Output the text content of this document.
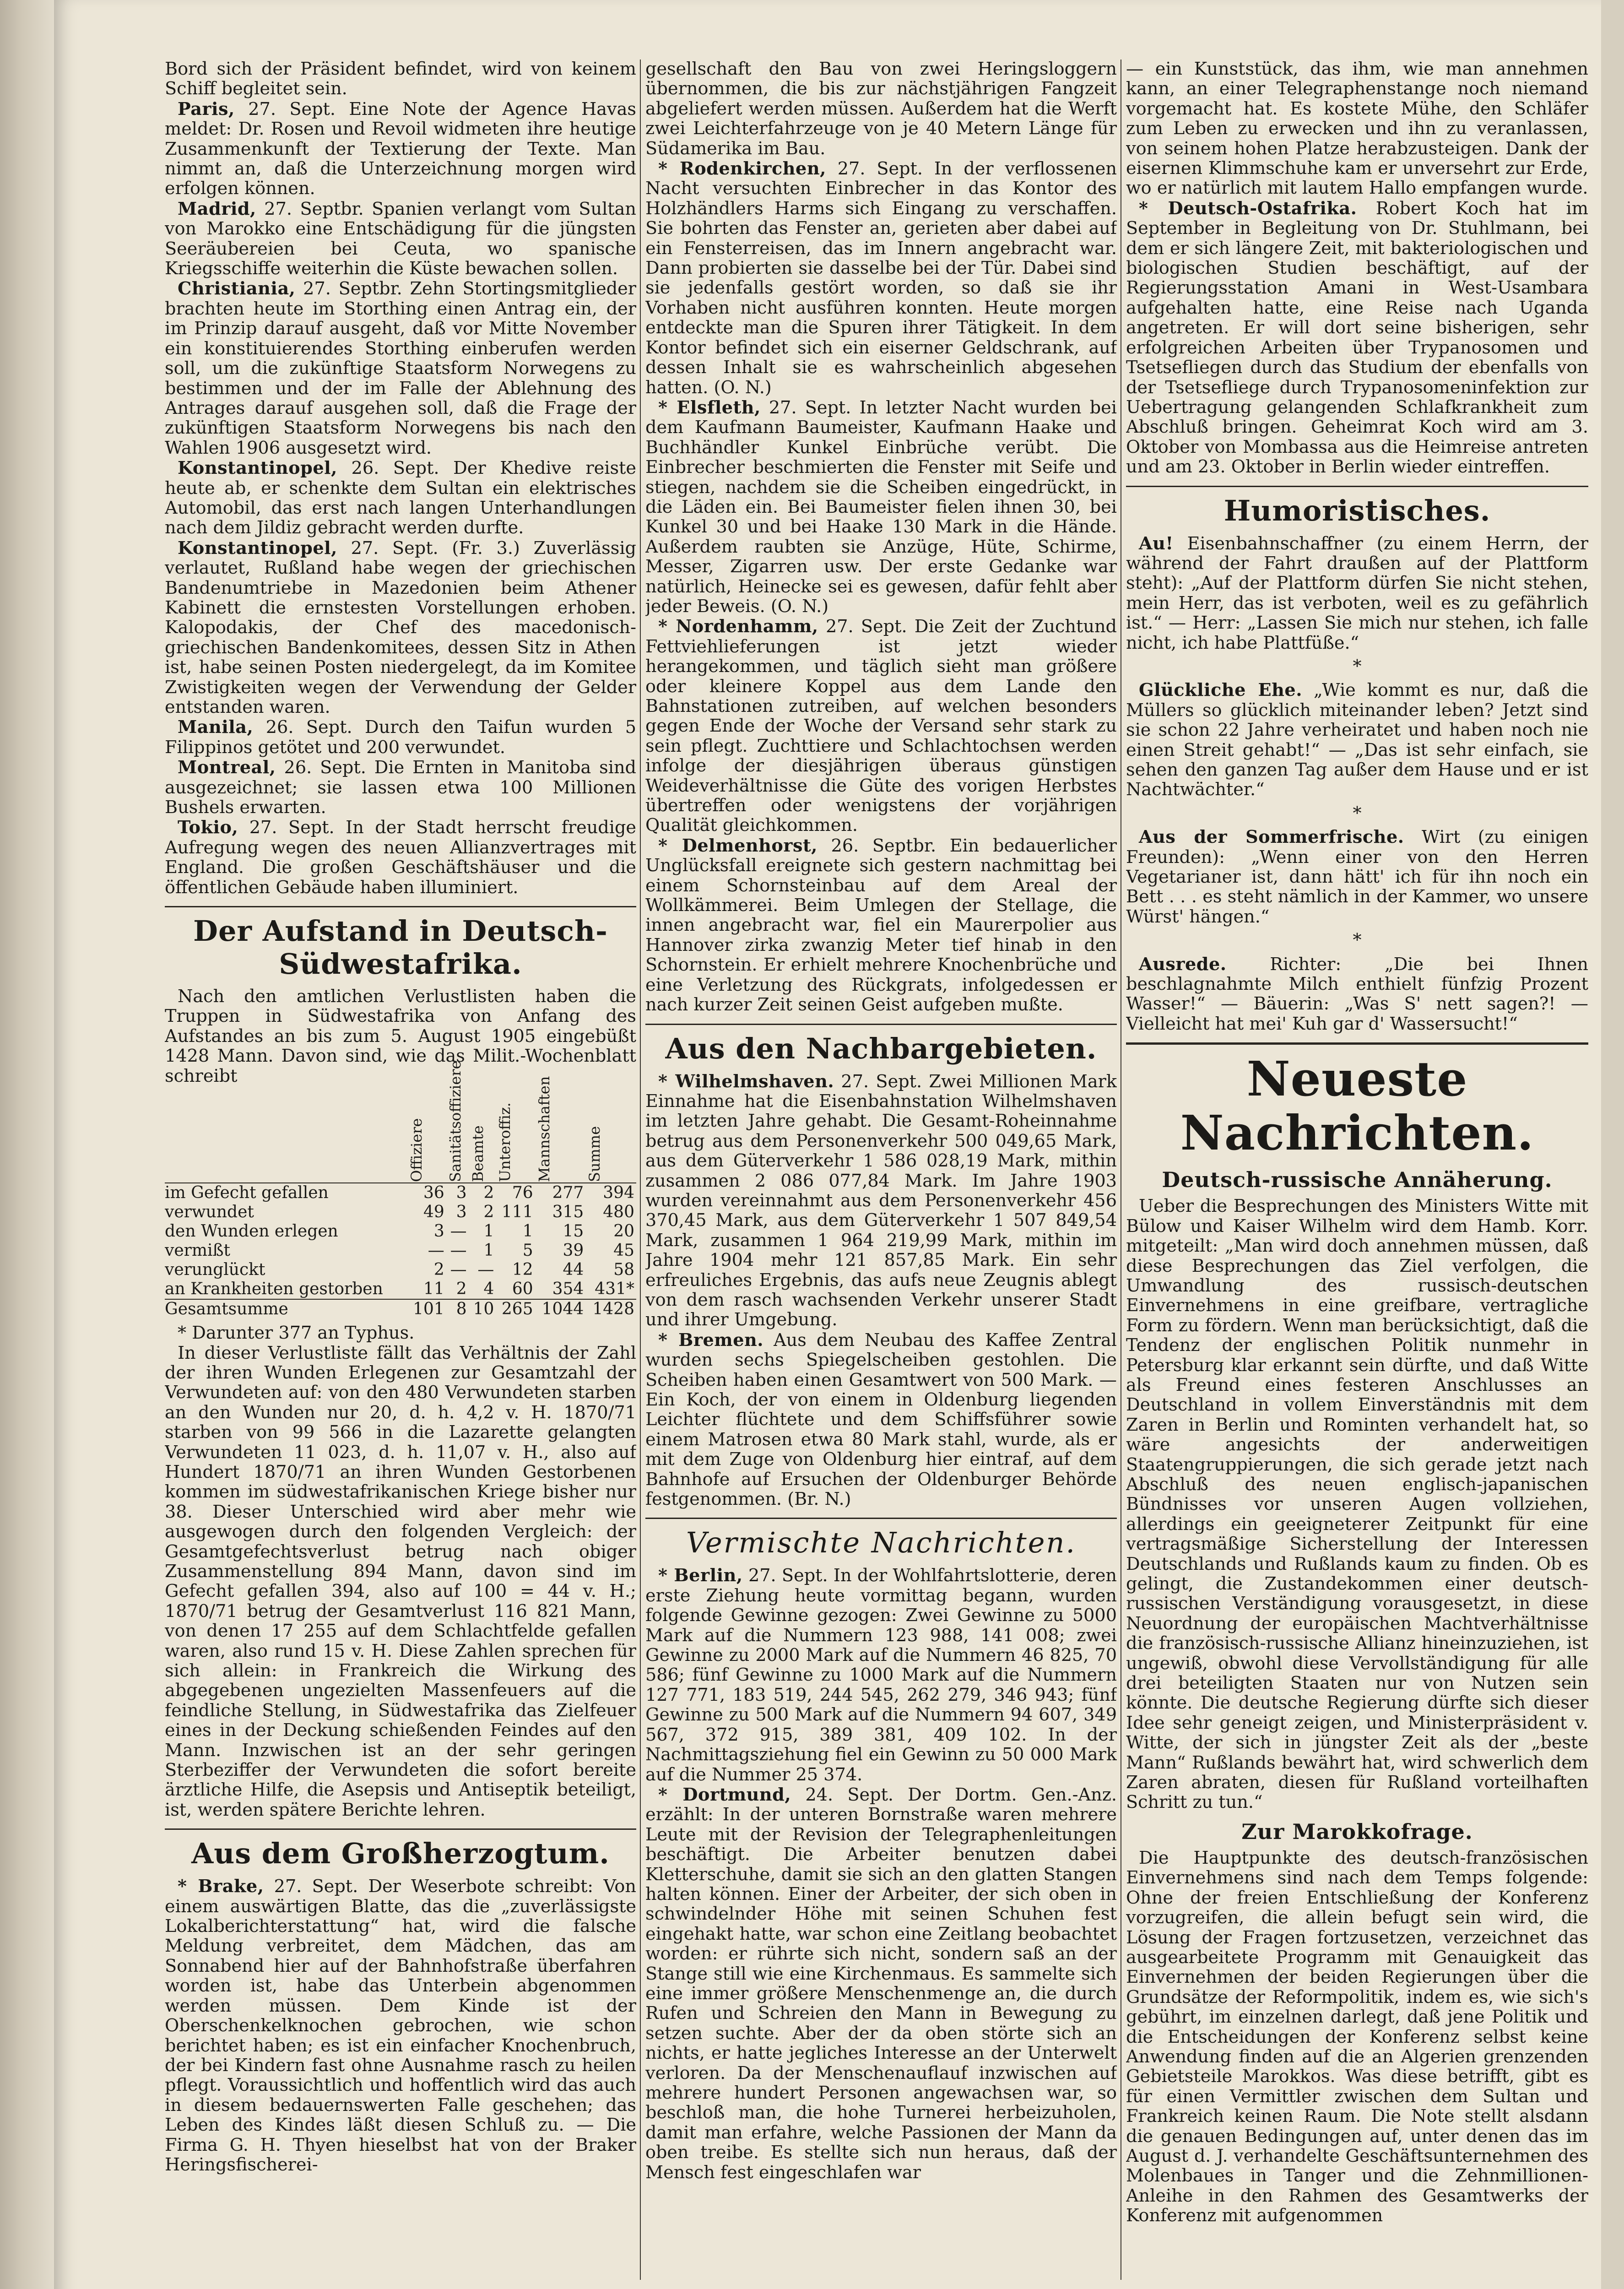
Bord sich der Präsident befindet, wird von keinem Schiff begleitet sein.

Paris, 27. Sept. Eine Note der Agence Havas meldet: Dr. Rosen und Revoil widmeten ihre heutige Zusammenkunft der Textierung der Texte. Man nimmt an, daß die Unterzeichnung morgen wird erfolgen können.

Madrid, 27. Septbr. Spanien verlangt vom Sultan von Marokko eine Entschädigung für die jüngsten Seeräubereien bei Ceuta, wo spanische Kriegsschiffe weiterhin die Küste bewachen sollen.

Christiania, 27. Septbr. Zehn Stortingsmitglieder brachten heute im Storthing einen Antrag ein, der im Prinzip darauf ausgeht, daß vor Mitte November ein konstituierendes Storthing einberufen werden soll, um die zukünftige Staatsform Norwegens zu bestimmen und der im Falle der Ablehnung des Antrages darauf ausgehen soll, daß die Frage der zukünftigen Staatsform Norwegens bis nach den Wahlen 1906 ausgesetzt wird.

Konstantinopel, 26. Sept. Der Khedive reiste heute ab, er schenkte dem Sultan ein elektrisches Automobil, das erst nach langen Unterhandlungen nach dem Jildiz gebracht werden durfte.

Konstantinopel, 27. Sept. (Fr. 3.) Zuverlässig verlautet, Rußland habe wegen der griechischen Bandenumtriebe in Mazedonien beim Athener Kabinett die ernstesten Vorstellungen erhoben. Kalopodakis, der Chef des macedonisch-griechischen Bandenkomitees, dessen Sitz in Athen ist, habe seinen Posten niedergelegt, da im Komitee Zwistigkeiten wegen der Verwendung der Gelder entstanden waren.

Manila, 26. Sept. Durch den Taifun wurden 5 Filippinos getötet und 200 verwundet.

Montreal, 26. Sept. Die Ernten in Manitoba sind ausgezeichnet; sie lassen etwa 100 Millionen Bushels erwarten.

Tokio, 27. Sept. In der Stadt herrscht freudige Aufregung wegen des neuen Allianzvertrages mit England. Die großen Geschäftshäuser und die öffentlichen Gebäude haben illuminiert.

Der Aufstand in Deutsch-Südwestafrika.

Nach den amtlichen Verlustlisten haben die Truppen in Südwestafrika von Anfang des Aufstandes an bis zum 5. August 1905 eingebüßt 1428 Mann. Davon sind, wie das Milit.-Wochenblatt schreibt

	Offiziere	Sanitätsoffiziere	Beamte	Unteroffiz.	Mannschaften	Summe
im Gefecht gefallen	36	3	2	76	277	394
verwundet	49	3	2	111	315	480
den Wunden erlegen	3	—	1	1	15	20
vermißt	—	—	1	5	39	45
verunglückt	2	—	—	12	44	58
an Krankheiten gestorben	11	2	4	60	354	431*
Gesamtsumme	101	8	10	265	1044	1428

* Darunter 377 an Typhus.

In dieser Verlustliste fällt das Verhältnis der Zahl der ihren Wunden Erlegenen zur Gesamtzahl der Verwundeten auf: von den 480 Verwundeten starben an den Wunden nur 20, d. h. 4,2 v. H. 1870/71 starben von 99 566 in die Lazarette gelangten Verwundeten 11 023, d. h. 11,07 v. H., also auf Hundert 1870/71 an ihren Wunden Gestorbenen kommen im südwestafrikanischen Kriege bisher nur 38. Dieser Unterschied wird aber mehr wie ausgewogen durch den folgenden Vergleich: der Gesamtgefechtsverlust betrug nach obiger Zusammenstellung 894 Mann, davon sind im Gefecht gefallen 394, also auf 100 = 44 v. H.; 1870/71 betrug der Gesamtverlust 116 821 Mann, von denen 17 255 auf dem Schlachtfelde gefallen waren, also rund 15 v. H. Diese Zahlen sprechen für sich allein: in Frankreich die Wirkung des abgegebenen ungezielten Massenfeuers auf die feindliche Stellung, in Südwestafrika das Zielfeuer eines in der Deckung schießenden Feindes auf den Mann. Inzwischen ist an der sehr geringen Sterbeziffer der Verwundeten die sofort bereite ärztliche Hilfe, die Asepsis und Antiseptik beteiligt, ist, werden spätere Berichte lehren.

Aus dem Großherzogtum.

* Brake, 27. Sept. Der Weserbote schreibt: Von einem auswärtigen Blatte, das die „zuverlässigste Lokalberichterstattung“ hat, wird die falsche Meldung verbreitet, dem Mädchen, das am Sonnabend hier auf der Bahnhofstraße überfahren worden ist, habe das Unterbein abgenommen werden müssen. Dem Kinde ist der Oberschenkelknochen gebrochen, wie schon berichtet haben; es ist ein einfacher Knochenbruch, der bei Kindern fast ohne Ausnahme rasch zu heilen pflegt. Voraussichtlich und hoffentlich wird das auch in diesem bedauernswerten Falle geschehen; das Leben des Kindes läßt diesen Schluß zu. — Die Firma G. H. Thyen hieselbst hat von der Braker Heringsfischerei-

gesellschaft den Bau von zwei Heringsloggern übernommen, die bis zur nächstjährigen Fangzeit abgeliefert werden müssen. Außerdem hat die Werft zwei Leichterfahrzeuge von je 40 Metern Länge für Südamerika im Bau.

* Rodenkirchen, 27. Sept. In der verflossenen Nacht versuchten Einbrecher in das Kontor des Holzhändlers Harms sich Eingang zu verschaffen. Sie bohrten das Fenster an, gerieten aber dabei auf ein Fensterreisen, das im Innern angebracht war. Dann probierten sie dasselbe bei der Tür. Dabei sind sie jedenfalls gestört worden, so daß sie ihr Vorhaben nicht ausführen konnten. Heute morgen entdeckte man die Spuren ihrer Tätigkeit. In dem Kontor befindet sich ein eiserner Geldschrank, auf dessen Inhalt sie es wahrscheinlich abgesehen hatten. (O. N.)

* Elsfleth, 27. Sept. In letzter Nacht wurden bei dem Kaufmann Baumeister, Kaufmann Haake und Buchhändler Kunkel Einbrüche verübt. Die Einbrecher beschmierten die Fenster mit Seife und stiegen, nachdem sie die Scheiben eingedrückt, in die Läden ein. Bei Baumeister fielen ihnen 30, bei Kunkel 30 und bei Haake 130 Mark in die Hände. Außerdem raubten sie Anzüge, Hüte, Schirme, Messer, Zigarren usw. Der erste Gedanke war natürlich, Heinecke sei es gewesen, dafür fehlt aber jeder Beweis. (O. N.)

* Nordenhamm, 27. Sept. Die Zeit der Zuchtund Fettviehlieferungen ist jetzt wieder herangekommen, und täglich sieht man größere oder kleinere Koppel aus dem Lande den Bahnstationen zutreiben, auf welchen besonders gegen Ende der Woche der Versand sehr stark zu sein pflegt. Zuchttiere und Schlachtochsen werden infolge der diesjährigen überaus günstigen Weideverhältnisse die Güte des vorigen Herbstes übertreffen oder wenigstens der vorjährigen Qualität gleichkommen.

* Delmenhorst, 26. Septbr. Ein bedauerlicher Unglücksfall ereignete sich gestern nachmittag bei einem Schornsteinbau auf dem Areal der Wollkämmerei. Beim Umlegen der Stellage, die innen angebracht war, fiel ein Maurerpolier aus Hannover zirka zwanzig Meter tief hinab in den Schornstein. Er erhielt mehrere Knochenbrüche und eine Verletzung des Rückgrats, infolgedessen er nach kurzer Zeit seinen Geist aufgeben mußte.

Aus den Nachbargebieten.

* Wilhelmshaven. 27. Sept. Zwei Millionen Mark Einnahme hat die Eisenbahnstation Wilhelmshaven im letzten Jahre gehabt. Die Gesamt-Roheinnahme betrug aus dem Personenverkehr 500 049,65 Mark, aus dem Güterverkehr 1 586 028,19 Mark, mithin zusammen 2 086 077,84 Mark. Im Jahre 1903 wurden vereinnahmt aus dem Personenverkehr 456 370,45 Mark, aus dem Güterverkehr 1 507 849,54 Mark, zusammen 1 964 219,99 Mark, mithin im Jahre 1904 mehr 121 857,85 Mark. Ein sehr erfreuliches Ergebnis, das aufs neue Zeugnis ablegt von dem rasch wachsenden Verkehr unserer Stadt und ihrer Umgebung.

* Bremen. Aus dem Neubau des Kaffee Zentral wurden sechs Spiegelscheiben gestohlen. Die Scheiben haben einen Gesamtwert von 500 Mark. — Ein Koch, der von einem in Oldenburg liegenden Leichter flüchtete und dem Schiffsführer sowie einem Matrosen etwa 80 Mark stahl, wurde, als er mit dem Zuge von Oldenburg hier eintraf, auf dem Bahnhofe auf Ersuchen der Oldenburger Behörde festgenommen. (Br. N.)

Vermischte Nachrichten.

* Berlin, 27. Sept. In der Wohlfahrtslotterie, deren erste Ziehung heute vormittag begann, wurden folgende Gewinne gezogen: Zwei Gewinne zu 5000 Mark auf die Nummern 123 988, 141 008; zwei Gewinne zu 2000 Mark auf die Nummern 46 825, 70 586; fünf Gewinne zu 1000 Mark auf die Nummern 127 771, 183 519, 244 545, 262 279, 346 943; fünf Gewinne zu 500 Mark auf die Nummern 94 607, 349 567, 372 915, 389 381, 409 102. In der Nachmittagsziehung fiel ein Gewinn zu 50 000 Mark auf die Nummer 25 374.

* Dortmund, 24. Sept. Der Dortm. Gen.-Anz. erzählt: In der unteren Bornstraße waren mehrere Leute mit der Revision der Telegraphenleitungen beschäftigt. Die Arbeiter benutzen dabei Kletterschuhe, damit sie sich an den glatten Stangen halten können. Einer der Arbeiter, der sich oben in schwindelnder Höhe mit seinen Schuhen fest eingehakt hatte, war schon eine Zeitlang beobachtet worden: er rührte sich nicht, sondern saß an der Stange still wie eine Kirchenmaus. Es sammelte sich eine immer größere Menschenmenge an, die durch Rufen und Schreien den Mann in Bewegung zu setzen suchte. Aber der da oben störte sich an nichts, er hatte jegliches Interesse an der Unterwelt verloren. Da der Menschenauflauf inzwischen auf mehrere hundert Personen angewachsen war, so beschloß man, die hohe Turnerei herbeizuholen, damit man erfahre, welche Passionen der Mann da oben treibe. Es stellte sich nun heraus, daß der Mensch fest eingeschlafen war

— ein Kunststück, das ihm, wie man annehmen kann, an einer Telegraphenstange noch niemand vorgemacht hat. Es kostete Mühe, den Schläfer zum Leben zu erwecken und ihn zu veranlassen, von seinem hohen Platze herabzusteigen. Dank der eisernen Klimmschuhe kam er unversehrt zur Erde, wo er natürlich mit lautem Hallo empfangen wurde.

* Deutsch-Ostafrika. Robert Koch hat im September in Begleitung von Dr. Stuhlmann, bei dem er sich längere Zeit, mit bakteriologischen und biologischen Studien beschäftigt, auf der Regierungsstation Amani in West-Usambara aufgehalten hatte, eine Reise nach Uganda angetreten. Er will dort seine bisherigen, sehr erfolgreichen Arbeiten über Trypanosomen und Tsetsefliegen durch das Studium der ebenfalls von der Tsetsefliege durch Trypanosomeninfektion zur Uebertragung gelangenden Schlafkrankheit zum Abschluß bringen. Geheimrat Koch wird am 3. Oktober von Mombassa aus die Heimreise antreten und am 23. Oktober in Berlin wieder eintreffen.

Humoristisches.

Au! Eisenbahnschaffner (zu einem Herrn, der während der Fahrt draußen auf der Plattform steht): „Auf der Plattform dürfen Sie nicht stehen, mein Herr, das ist verboten, weil es zu gefährlich ist.“ — Herr: „Lassen Sie mich nur stehen, ich falle nicht, ich habe Plattfüße.“

*

Glückliche Ehe. „Wie kommt es nur, daß die Müllers so glücklich miteinander leben? Jetzt sind sie schon 22 Jahre verheiratet und haben noch nie einen Streit gehabt!“ — „Das ist sehr einfach, sie sehen den ganzen Tag außer dem Hause und er ist Nachtwächter.“

*

Aus der Sommerfrische. Wirt (zu einigen Freunden): „Wenn einer von den Herren Vegetarianer ist, dann hätt' ich für ihn noch ein Bett . . . es steht nämlich in der Kammer, wo unsere Würst' hängen.“

*

Ausrede. Richter: „Die bei Ihnen beschlagnahmte Milch enthielt fünfzig Prozent Wasser!“ — Bäuerin: „Was S' nett sagen?! — Vielleicht hat mei' Kuh gar d' Wassersucht!“

Neueste Nachrichten.
Deutsch-russische Annäherung.

Ueber die Besprechungen des Ministers Witte mit Bülow und Kaiser Wilhelm wird dem Hamb. Korr. mitgeteilt: „Man wird doch annehmen müssen, daß diese Besprechungen das Ziel verfolgen, die Umwandlung des russisch-deutschen Einvernehmens in eine greifbare, vertragliche Form zu fördern. Wenn man berücksichtigt, daß die Tendenz der englischen Politik nunmehr in Petersburg klar erkannt sein dürfte, und daß Witte als Freund eines festeren Anschlusses an Deutschland in vollem Einverständnis mit dem Zaren in Berlin und Rominten verhandelt hat, so wäre angesichts der anderweitigen Staatengruppierungen, die sich gerade jetzt nach Abschluß des neuen englisch-japanischen Bündnisses vor unseren Augen vollziehen, allerdings ein geeigneterer Zeitpunkt für eine vertragsmäßige Sicherstellung der Interessen Deutschlands und Rußlands kaum zu finden. Ob es gelingt, die Zustandekommen einer deutsch-russischen Verständigung vorausgesetzt, in diese Neuordnung der europäischen Machtverhältnisse die französisch-russische Allianz hineinzuziehen, ist ungewiß, obwohl diese Vervollständigung für alle drei beteiligten Staaten nur von Nutzen sein könnte. Die deutsche Regierung dürfte sich dieser Idee sehr geneigt zeigen, und Ministerpräsident v. Witte, der sich in jüngster Zeit als der „beste Mann“ Rußlands bewährt hat, wird schwerlich dem Zaren abraten, diesen für Rußland vorteilhaften Schritt zu tun.“

Zur Marokkofrage.

Die Hauptpunkte des deutsch-französischen Einvernehmens sind nach dem Temps folgende: Ohne der freien Entschließung der Konferenz vorzugreifen, die allein befugt sein wird, die Lösung der Fragen fortzusetzen, verzeichnet das ausgearbeitete Programm mit Genauigkeit das Einvernehmen der beiden Regierungen über die Grundsätze der Reformpolitik, indem es, wie sich's gebührt, im einzelnen darlegt, daß jene Politik und die Entscheidungen der Konferenz selbst keine Anwendung finden auf die an Algerien grenzenden Gebietsteile Marokkos. Was diese betrifft, gibt es für einen Vermittler zwischen dem Sultan und Frankreich keinen Raum. Die Note stellt alsdann die genauen Bedingungen auf, unter denen das im August d. J. verhandelte Geschäftsunternehmen des Molenbaues in Tanger und die Zehnmillionen-Anleihe in den Rahmen des Gesamtwerks der Konferenz mit aufgenommen
